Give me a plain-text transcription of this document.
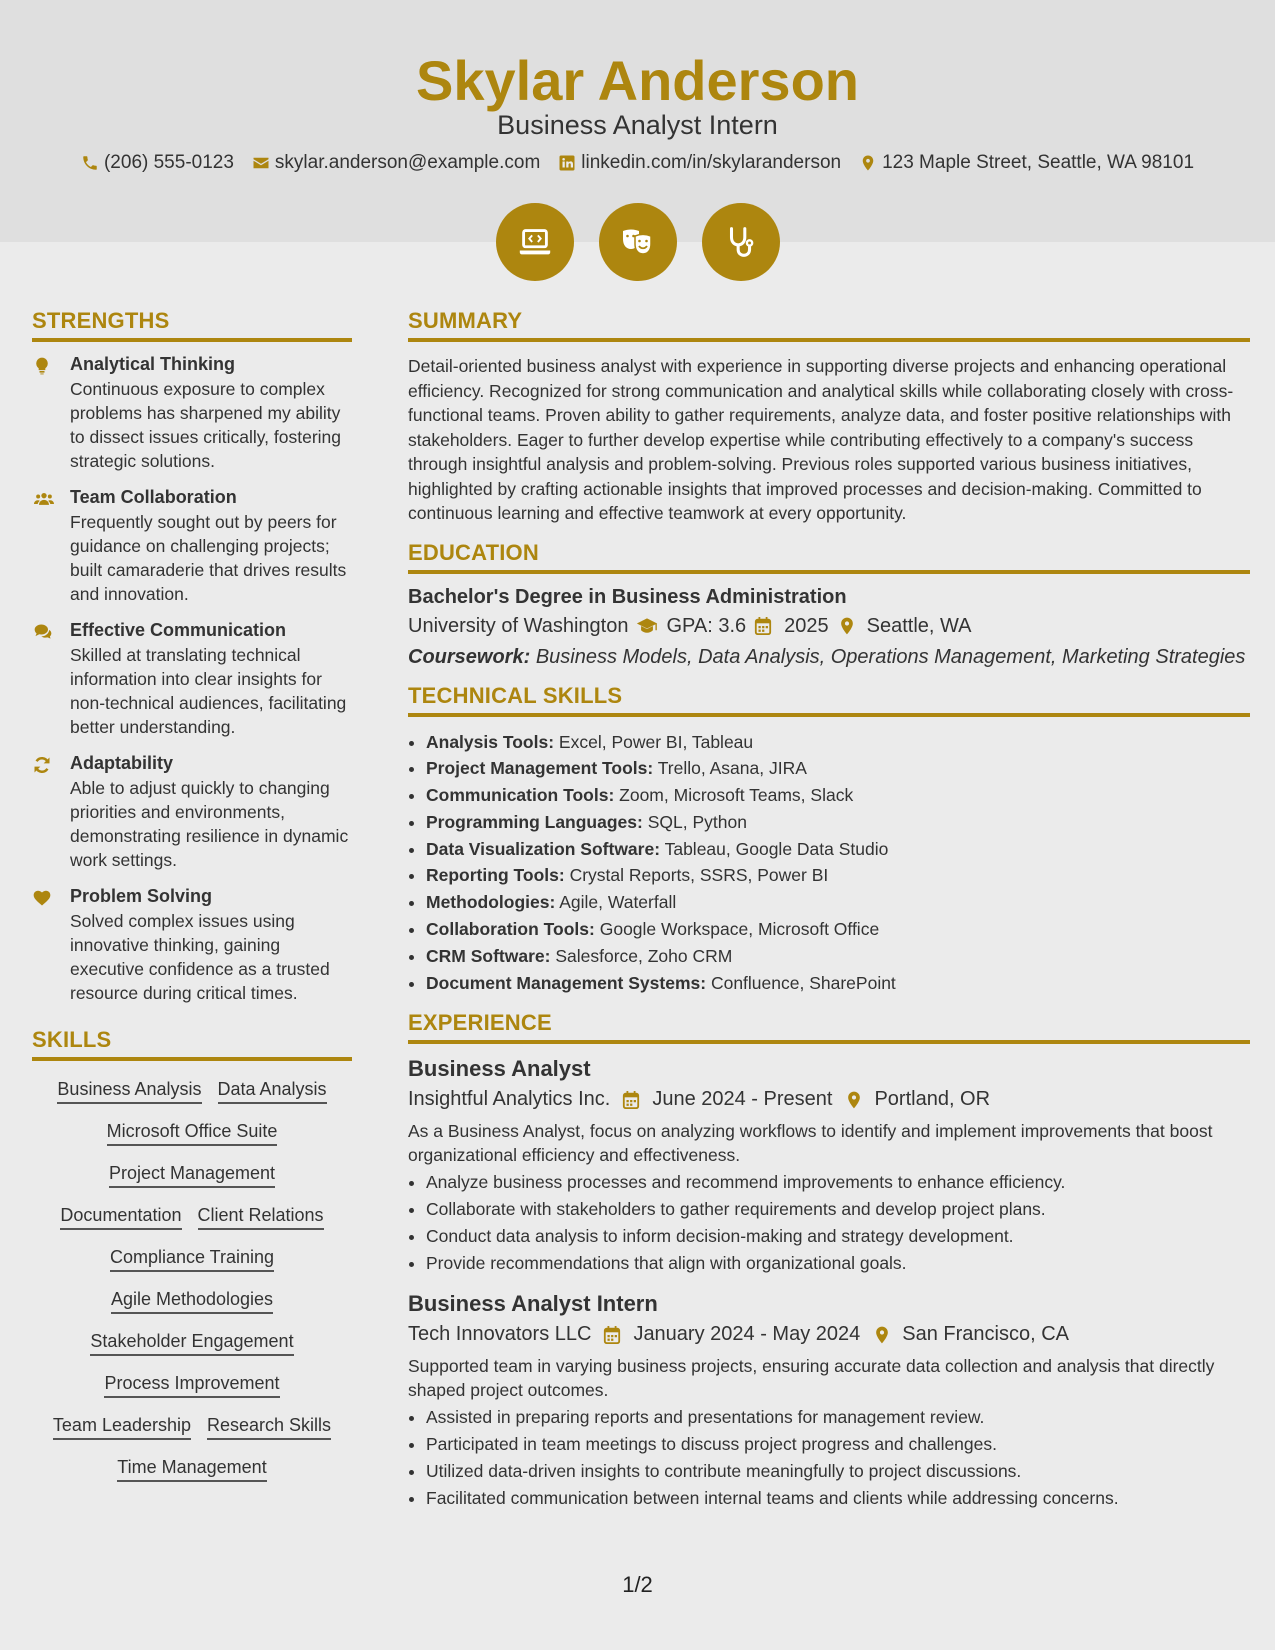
Skylar Anderson
Business Analyst Intern
(206) 555-0123 skylar.anderson@example.com linkedin.com/in/skylaranderson 123 Maple Street, Seattle, WA 98101
STRENGTHS
Analytical Thinking
Continuous exposure to complex problems has sharpened my ability to dissect issues critically, fostering strategic solutions.
Team Collaboration
Frequently sought out by peers for guidance on challenging projects; built camaraderie that drives results and innovation.
Effective Communication
Skilled at translating technical information into clear insights for non-technical audiences, facilitating better understanding.
Adaptability
Able to adjust quickly to changing priorities and environments, demonstrating resilience in dynamic work settings.
Problem Solving
Solved complex issues using innovative thinking, gaining executive confidence as a trusted resource during critical times.
SKILLS
Business Analysis Data Analysis
Microsoft Office Suite
Project Management
Documentation Client Relations
Compliance Training
Agile Methodologies
Stakeholder Engagement
Process Improvement
Team Leadership Research Skills
Time Management
SUMMARY

Detail-oriented business analyst with experience in supporting diverse projects and enhancing operational efficiency. Recognized for strong communication and analytical skills while collaborating closely with cross-functional teams. Proven ability to gather requirements, analyze data, and foster positive relationships with stakeholders. Eager to further develop expertise while contributing effectively to a company's success through insightful analysis and problem-solving. Previous roles supported various business initiatives, highlighted by crafting actionable insights that improved processes and decision-making. Committed to continuous learning and effective teamwork at every opportunity.

EDUCATION
Bachelor's Degree in Business Administration
University of Washington GPA: 3.6 2025 Seattle, WA
Coursework: Business Models, Data Analysis, Operations Management, Marketing Strategies
TECHNICAL SKILLS
• Analysis Tools: Excel, Power BI, Tableau
• Project Management Tools: Trello, Asana, JIRA
• Communication Tools: Zoom, Microsoft Teams, Slack
• Programming Languages: SQL, Python
• Data Visualization Software: Tableau, Google Data Studio
• Reporting Tools: Crystal Reports, SSRS, Power BI
• Methodologies: Agile, Waterfall
• Collaboration Tools: Google Workspace, Microsoft Office
• CRM Software: Salesforce, Zoho CRM
• Document Management Systems: Confluence, SharePoint
EXPERIENCE
Business Analyst
Insightful Analytics Inc. June 2024 - Present Portland, OR
As a Business Analyst, focus on analyzing workflows to identify and implement improvements that boost organizational efficiency and effectiveness.
• Analyze business processes and recommend improvements to enhance efficiency.
• Collaborate with stakeholders to gather requirements and develop project plans.
• Conduct data analysis to inform decision-making and strategy development.
• Provide recommendations that align with organizational goals.
Business Analyst Intern
Tech Innovators LLC January 2024 - May 2024 San Francisco, CA
Supported team in varying business projects, ensuring accurate data collection and analysis that directly shaped project outcomes.
• Assisted in preparing reports and presentations for management review.
• Participated in team meetings to discuss project progress and challenges.
• Utilized data-driven insights to contribute meaningfully to project discussions.
• Facilitated communication between internal teams and clients while addressing concerns.
1/2
